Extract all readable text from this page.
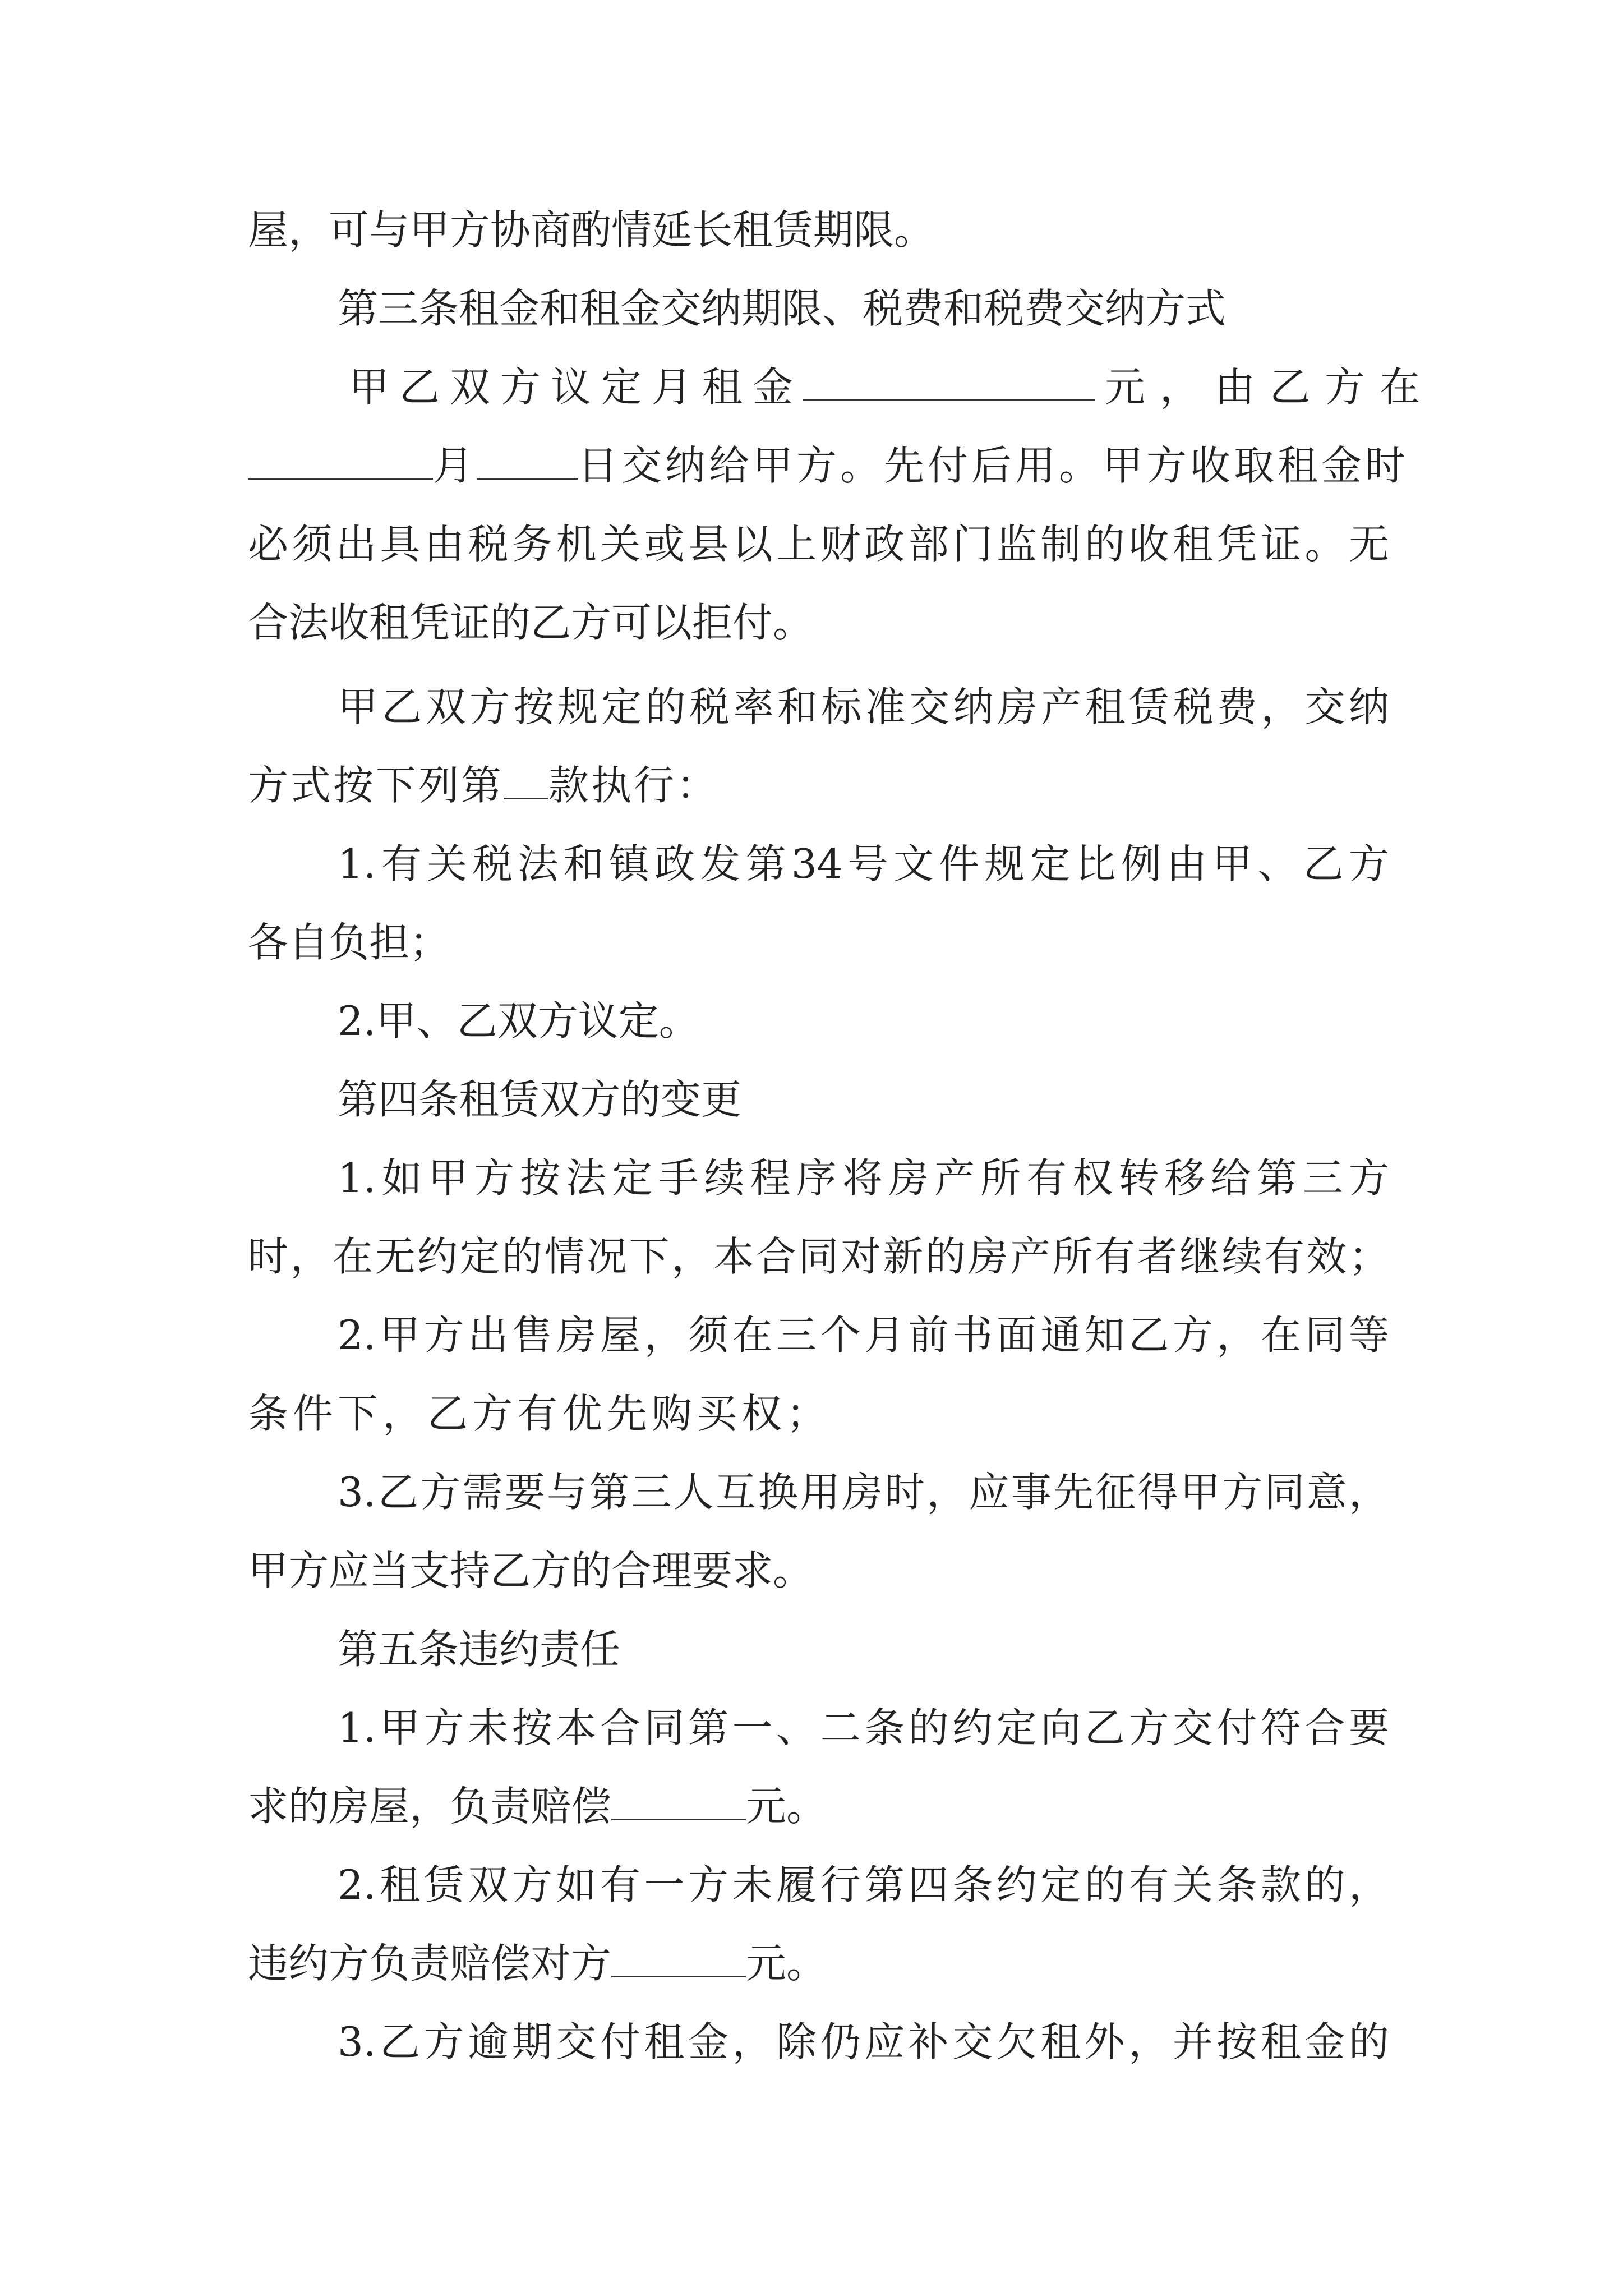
屋，可与甲方协商酌情延长租赁期限。
第三条租金和租金交纳期限、税费和税费交纳方式
甲乙双方议定月租金	元，由乙方在
月	日交纳给甲方。先付后用。甲方收取租金时
必须出具由税务机关或县以上财政部门监制的收租凭证。无
合法收租凭证的乙方可以拒付。
甲乙双方按规定的税率和标准交纳房产租赁税费，交纳
方式按下列第 款执行：
1.有关税法和镇政发第34号文件规定比例由甲、乙方
各自负担；
2.甲、乙双方议定。
第四条租赁双方的变更
1.如甲方按法定手续程序将房产所有权转移给第三方
时，在无约定的情况下，本合同对新的房产所有者继续有效；
2.甲方出售房屋，须在三个月前书面通知乙方，在同等
条件下，乙方有优先购买权；
3.乙方需要与第三人互换用房时，应事先征得甲方同意，
甲方应当支持乙方的合理要求。
第五条违约责任
1.甲方未按本合同第一、二条的约定向乙方交付符合要
求的房屋，负责赔偿	元。
2.租赁双方如有一方未履行第四条约定的有关条款的，
违约方负责赔偿对方	元。
3.乙方逾期交付租金，除仍应补交欠租外，并按租金的
